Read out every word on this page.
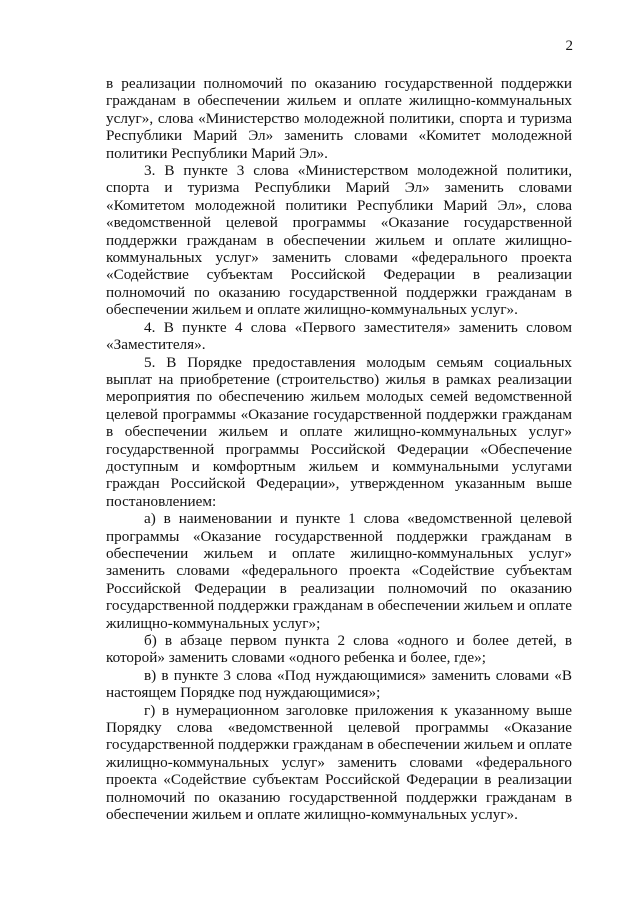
2

в реализации полномочий по оказанию государственной поддержки гражданам в обеспечении жильем и оплате жилищно-коммунальных услуг», слова «Министерство молодежной политики, спорта и туризма Республики Марий Эл» заменить словами «Комитет молодежной политики Республики Марий Эл».

3. В пункте 3 слова «Министерством молодежной политики, спорта и туризма Республики Марий Эл» заменить словами «Комитетом молодежной политики Республики Марий Эл», слова «ведомственной целевой программы «Оказание государственной поддержки гражданам в обеспечении жильем и оплате жилищно-коммунальных услуг» заменить словами «федерального проекта «Содействие субъектам Российской Федерации в реализации полномочий по оказанию государственной поддержки гражданам в обеспечении жильем и оплате жилищно-коммунальных услуг».

4. В пункте 4 слова «Первого заместителя» заменить словом «Заместителя».

5. В Порядке предоставления молодым семьям социальных выплат на приобретение (строительство) жилья в рамках реализации мероприятия по обеспечению жильем молодых семей ведомственной целевой программы «Оказание государственной поддержки гражданам в обеспечении жильем и оплате жилищно-коммунальных услуг» государственной программы Российской Федерации «Обеспечение доступным и комфортным жильем и коммунальными услугами граждан Российской Федерации», утвержденном указанным выше постановлением:

а) в наименовании и пункте 1 слова «ведомственной целевой программы «Оказание государственной поддержки гражданам в обеспечении жильем и оплате жилищно-коммунальных услуг» заменить словами «федерального проекта «Содействие субъектам Российской Федерации в реализации полномочий по оказанию государственной поддержки гражданам в обеспечении жильем и оплате жилищно-коммунальных услуг»;

б) в абзаце первом пункта 2 слова «одного и более детей, в которой» заменить словами «одного ребенка и более, где»;

в) в пункте 3 слова «Под нуждающимися» заменить словами «В настоящем Порядке под нуждающимися»;

г) в нумерационном заголовке приложения к указанному выше Порядку слова «ведомственной целевой программы «Оказание государственной поддержки гражданам в обеспечении жильем и оплате жилищно-коммунальных услуг» заменить словами «федерального проекта «Содействие субъектам Российской Федерации в реализации полномочий по оказанию государственной поддержки гражданам в обеспечении жильем и оплате жилищно-коммунальных услуг».
